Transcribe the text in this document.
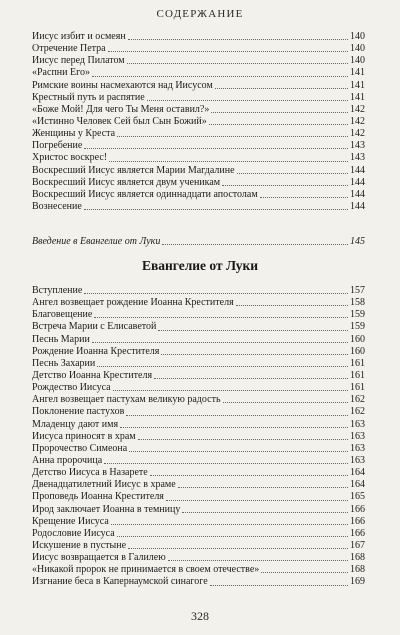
СОДЕРЖАНИЕ
Иисус избит и осмеян	140
Отречение Петра	140
Иисус перед Пилатом	140
«Распни Его»	141
Римские воины насмехаются над Иисусом	141
Крестный путь и распятие	141
«Боже Мой! Для чего Ты Меня оставил?»	142
«Истинно Человек Сей был Сын Божий»	142
Женщины у Креста	142
Погребение	143
Христос воскрес!	143
Воскресший Иисус является Марии Магдалине	144
Воскресший Иисус является двум ученикам	144
Воскресший Иисус является одиннадцати апостолам	144
Вознесение	144
Введение в Евангелие от Луки	145
Евангелие от Луки
Вступление	157
Ангел возвещает рождение Иоанна Крестителя	158
Благовещение	159
Встреча Марии с Елисаветой	159
Песнь Марии	160
Рождение Иоанна Крестителя	160
Песнь Захарии	161
Детство Иоанна Крестителя	161
Рождество Иисуса	161
Ангел возвещает пастухам великую радость	162
Поклонение пастухов	162
Младенцу дают имя	163
Иисуса приносят в храм	163
Пророчество Симеона	163
Анна пророчица	163
Детство Иисуса в Назарете	164
Двенадцатилетний Иисус в храме	164
Проповедь Иоанна Крестителя	165
Ирод заключает Иоанна в темницу	166
Крещение Иисуса	166
Родословие Иисуса	166
Искушение в пустыне	167
Иисус возвращается в Галилею	168
«Никакой пророк не принимается в своем отечестве»	168
Изгнание беса в Капернаумской синагоге	169
328
